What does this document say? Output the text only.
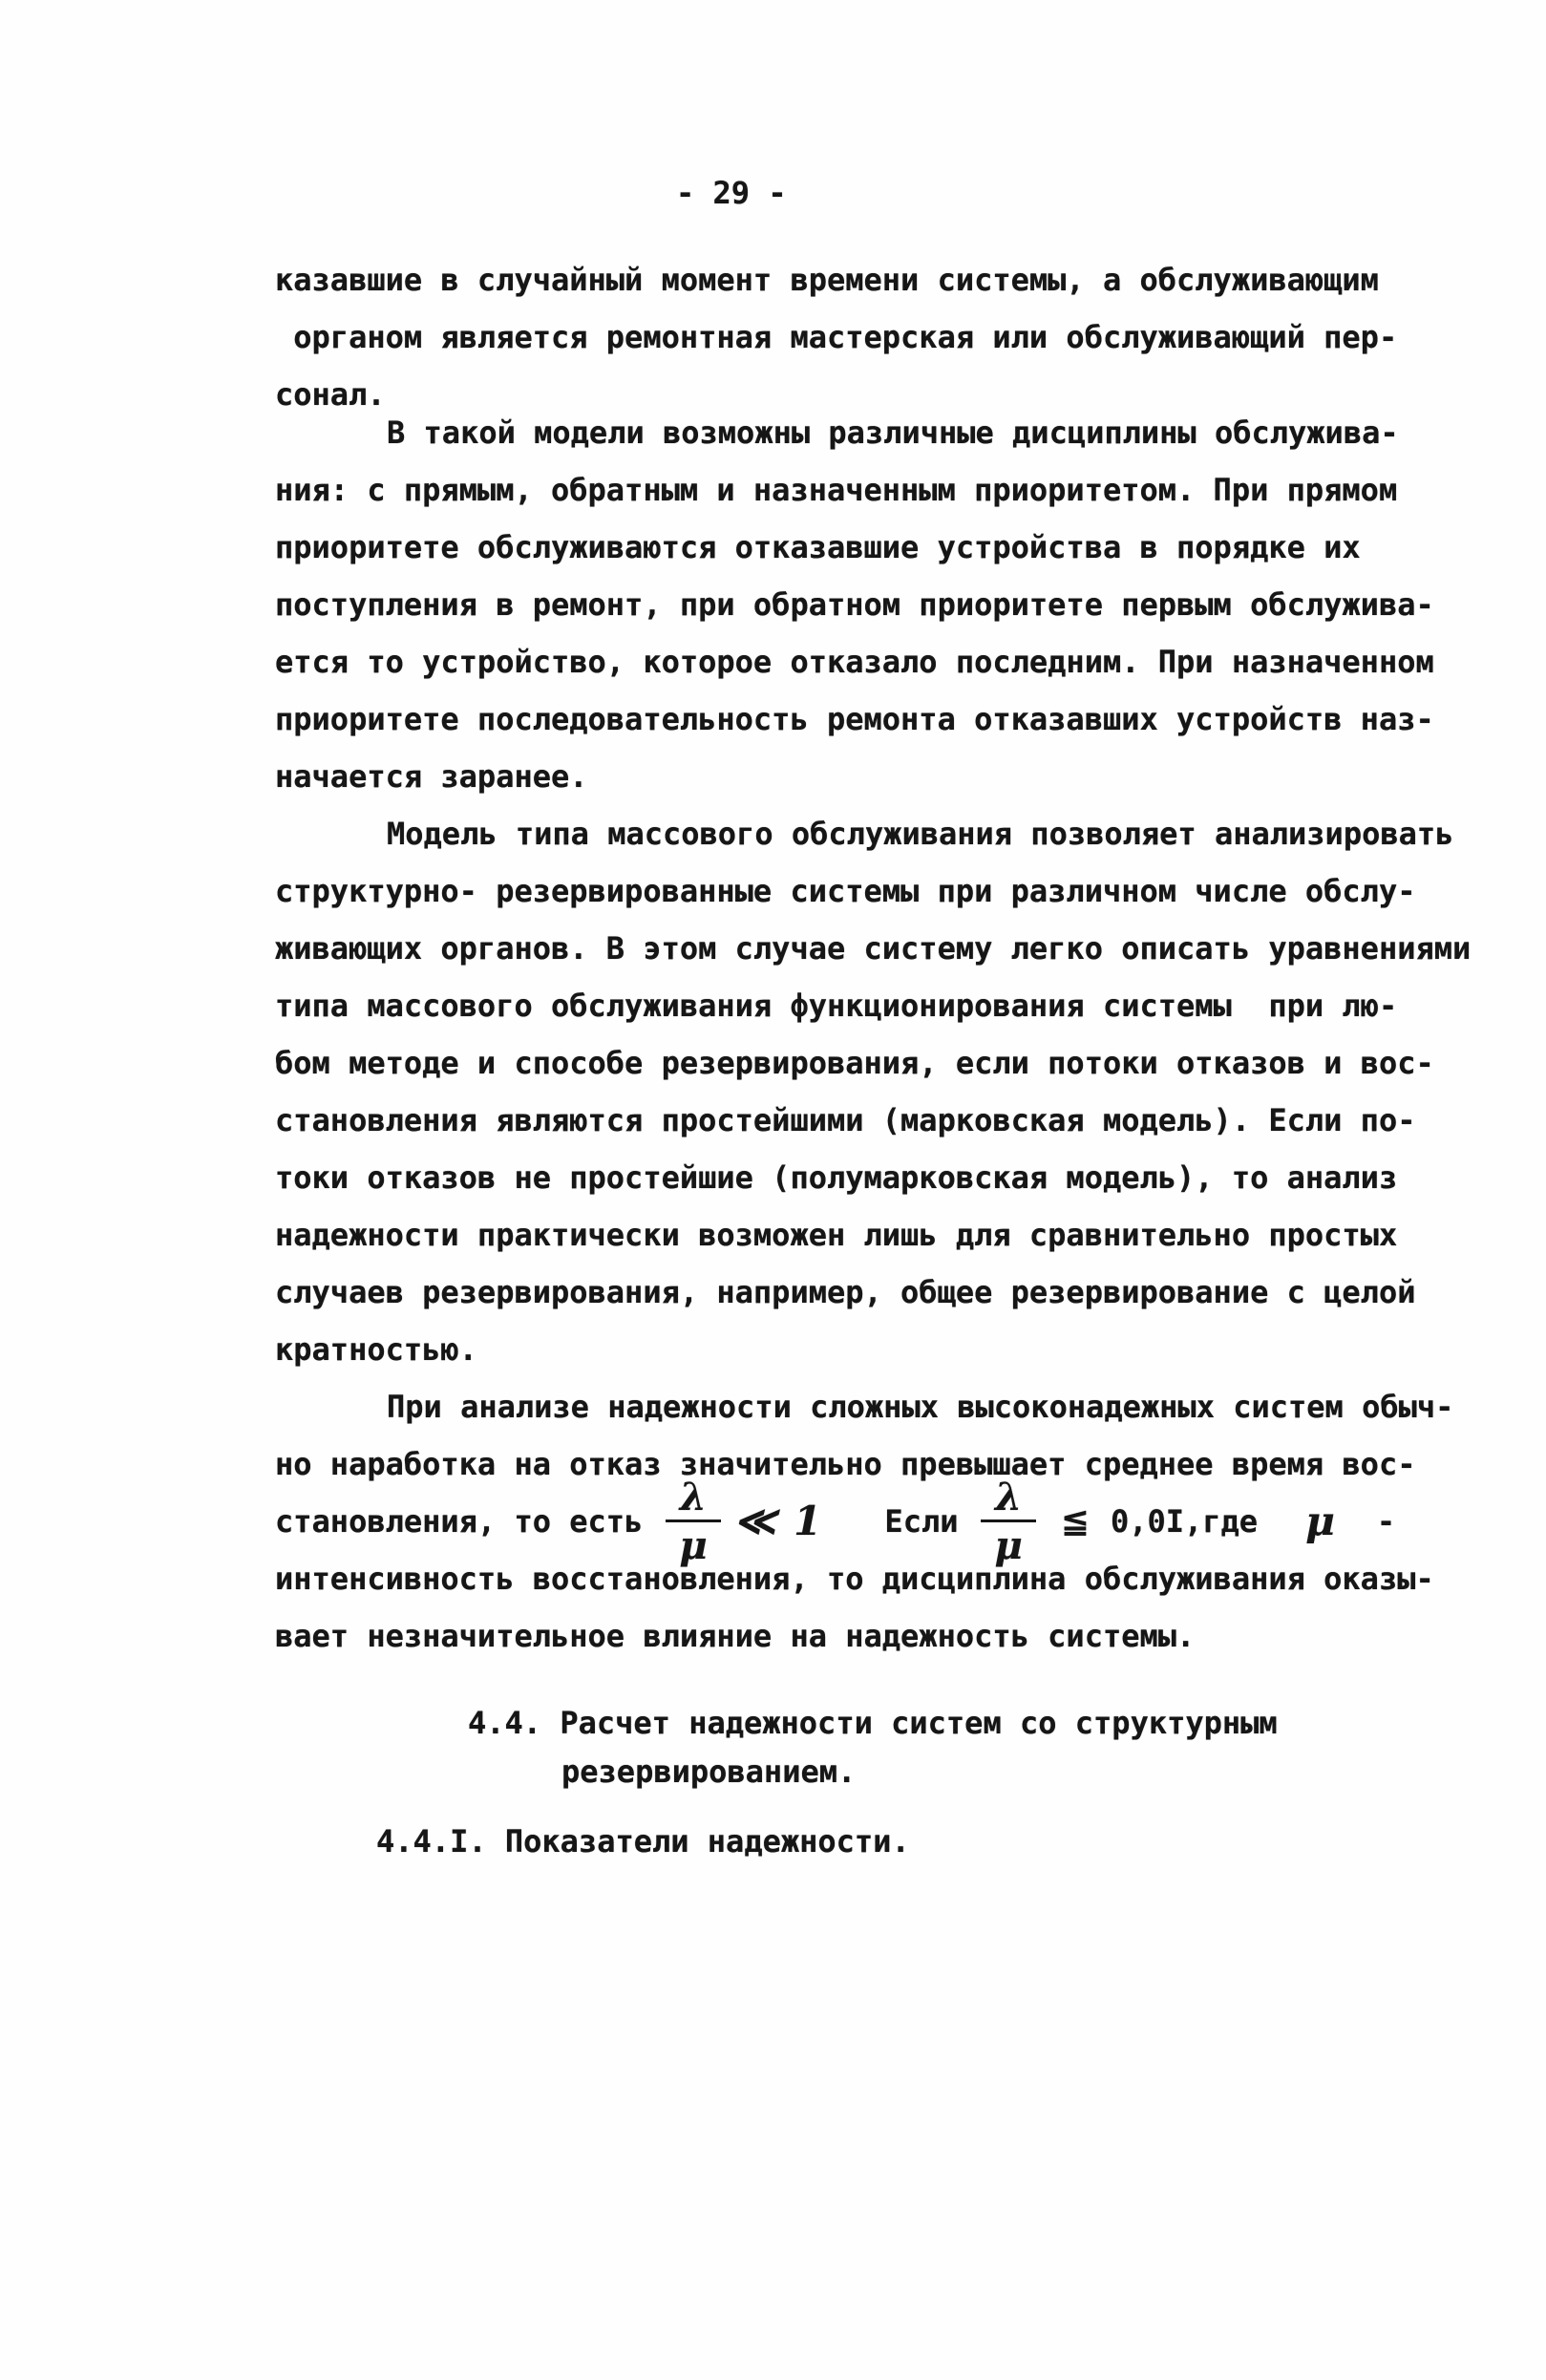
- 29 -
казавшие в случайный момент времени системы, а обслуживающим
органом является ремонтная мастерская или обслуживающий пер-
сонал.
В такой модели возможны различные дисциплины обслужива-
ния: с прямым, обратным и назначенным приоритетом. При прямом
приоритете обслуживаются отказавшие устройства в порядке их
поступления в ремонт, при обратном приоритете первым обслужива-
ется то устройство, которое отказало последним. При назначенном
приоритете последовательность ремонта отказавших устройств наз-
начается заранее.
Модель типа массового обслуживания позволяет анализировать
структурно- резервированные системы при различном числе обслу-
живающих органов. В этом случае систему легко описать уравнениями
типа массового обслуживания функционирования системы  при лю-
бом методе и способе резервирования, если потоки отказов и вос-
становления являются простейшими (марковская модель). Если по-
токи отказов не простейшие (полумарковская модель), то анализ
надежности практически возможен лишь для сравнительно простых
случаев резервирования, например, общее резервирование с целой
кратностью.
При анализе надежности сложных высоконадежных систем обыч-
но наработка на отказ значительно превышает среднее время вос-
становления, то есть $\frac{\lambda}{\mu}$ ≪ 1 Если $\frac{\lambda}{\mu}$ ≦ 0,0I,где μ -
интенсивность восстановления, то дисциплина обслуживания оказы-
вает незначительное влияние на надежность системы.
4.4. Расчет надежности систем со структурным
резервированием.
4.4.I. Показатели надежности.
